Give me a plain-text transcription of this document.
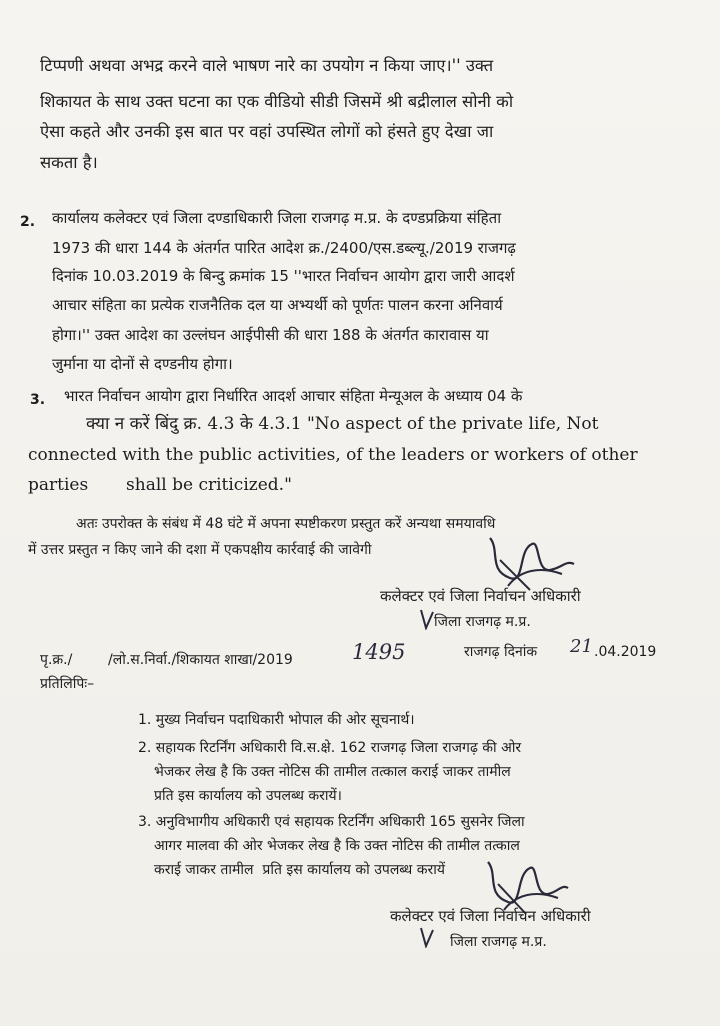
टिप्पणी अथवा अभद्र करने वाले भाषण नारे का उपयोग न किया जाए।'' उक्त
शिकायत के साथ उक्त घटना का एक वीडियो सीडी जिसमें श्री बद्रीलाल सोनी को
ऐसा कहते और उनकी इस बात पर वहां उपस्थित लोगों को हंसते हुए देखा जा
सकता है।
2. कार्यालय कलेक्टर एवं जिला दण्डाधिकारी जिला राजगढ़ म.प्र. के दण्डप्रक्रिया संहिता
1973 की धारा 144 के अंतर्गत पारित आदेश क्र./2400/एस.डब्ल्यू./2019 राजगढ़
दिनांक 10.03.2019 के बिन्दु क्रमांक 15 ''भारत निर्वाचन आयोग द्वारा जारी आदर्श
आचार संहिता का प्रत्येक राजनैतिक दल या अभ्यर्थी को पूर्णतः पालन करना अनिवार्य
होगा।'' उक्त आदेश का उल्लंघन आईपीसी की धारा 188 के अंतर्गत कारावास या
जुर्माना या दोनों से दण्डनीय होगा।
3. भारत निर्वाचन आयोग द्वारा निर्धारित आदर्श आचार संहिता मेन्यूअल के अध्याय 04 के
क्या न करें बिंदु क्र. 4.3 के 4.3.1 "No aspect of the private life, Not
connected with the public activities, of the leaders or workers of other
parties       shall be criticized."
अतः उपरोक्त के संबंध में 48 घंटे में अपना स्पष्टीकरण प्रस्तुत करें अन्यथा समयावधि
में उत्तर प्रस्तुत न किए जाने की दशा में एकपक्षीय कार्रवाई की जावेगी
कलेक्टर एवं जिला निर्वाचन अधिकारी
जिला राजगढ़ म.प्र.
पृ.क्र./	/लो.स.निर्वा./शिकायत शाखा/2019	1495	राजगढ़ दिनांक 21 .04.2019
प्रतिलिपिः–
1. मुख्य निर्वाचन पदाधिकारी भोपाल की ओर सूचनार्थ।
2. सहायक रिटर्निंग अधिकारी वि.स.क्षे. 162 राजगढ़ जिला राजगढ़ की ओर
भेजकर लेख है कि उक्त नोटिस की तामील तत्काल कराई जाकर तामील
प्रति इस कार्यालय को उपलब्ध करायें।
3. अनुविभागीय अधिकारी एवं सहायक रिटर्निंग अधिकारी 165 सुसनेर जिला
आगर मालवा की ओर भेजकर लेख है कि उक्त नोटिस की तामील तत्काल
कराई जाकर तामील  प्रति इस कार्यालय को उपलब्ध करायें
कलेक्टर एवं जिला निर्वाचन अधिकारी
जिला राजगढ़ म.प्र.
